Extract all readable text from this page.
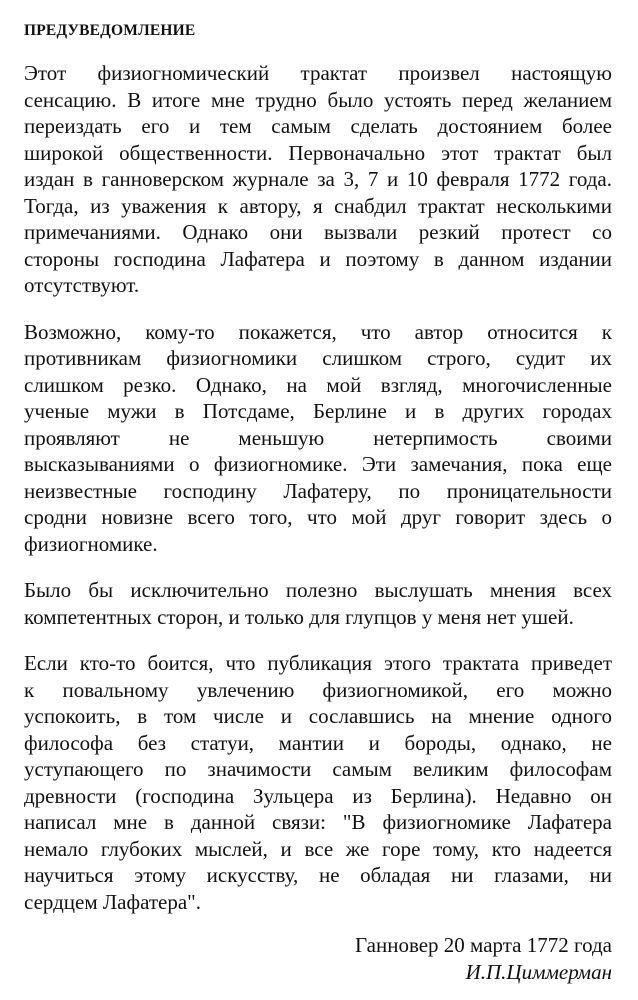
ПРЕДУВЕДОМЛЕНИЕ
Этот физиогномический трактат произвел настоящую
сенсацию. В итоге мне трудно было устоять перед желанием
переиздать его и тем самым сделать достоянием более
широкой общественности. Первоначально этот трактат был
издан в ганноверском журнале за 3, 7 и 10 февраля 1772 года.
Тогда, из уважения к автору, я снабдил трактат несколькими
примечаниями. Однако они вызвали резкий протест со
стороны господина Лафатера и поэтому в данном издании
отсутствуют.
Возможно, кому-то покажется, что автор относится к
противникам физиогномики слишком строго, судит их
слишком резко. Однако, на мой взгляд, многочисленные
ученые мужи в Потсдаме, Берлине и в других городах
проявляют не меньшую нетерпимость своими
высказываниями о физиогномике. Эти замечания, пока еще
неизвестные господину Лафатеру, по проницательности
сродни новизне всего того, что мой друг говорит здесь о
физиогномике.
Было бы исключительно полезно выслушать мнения всех
компетентных сторон, и только для глупцов у меня нет ушей.
Если кто-то боится, что публикация этого трактата приведет
к повальному увлечению физиогномикой, его можно
успокоить, в том числе и сославшись на мнение одного
философа без статуи, мантии и бороды, однако, не
уступающего по значимости самым великим философам
древности (господина Зульцера из Берлина). Недавно он
написал мне в данной связи: "В физиогномике Лафатера
немало глубоких мыслей, и все же горе тому, кто надеется
научиться этому искусству, не обладая ни глазами, ни
сердцем Лафатера".
Ганновер 20 марта 1772 года
И.П.Циммерман
